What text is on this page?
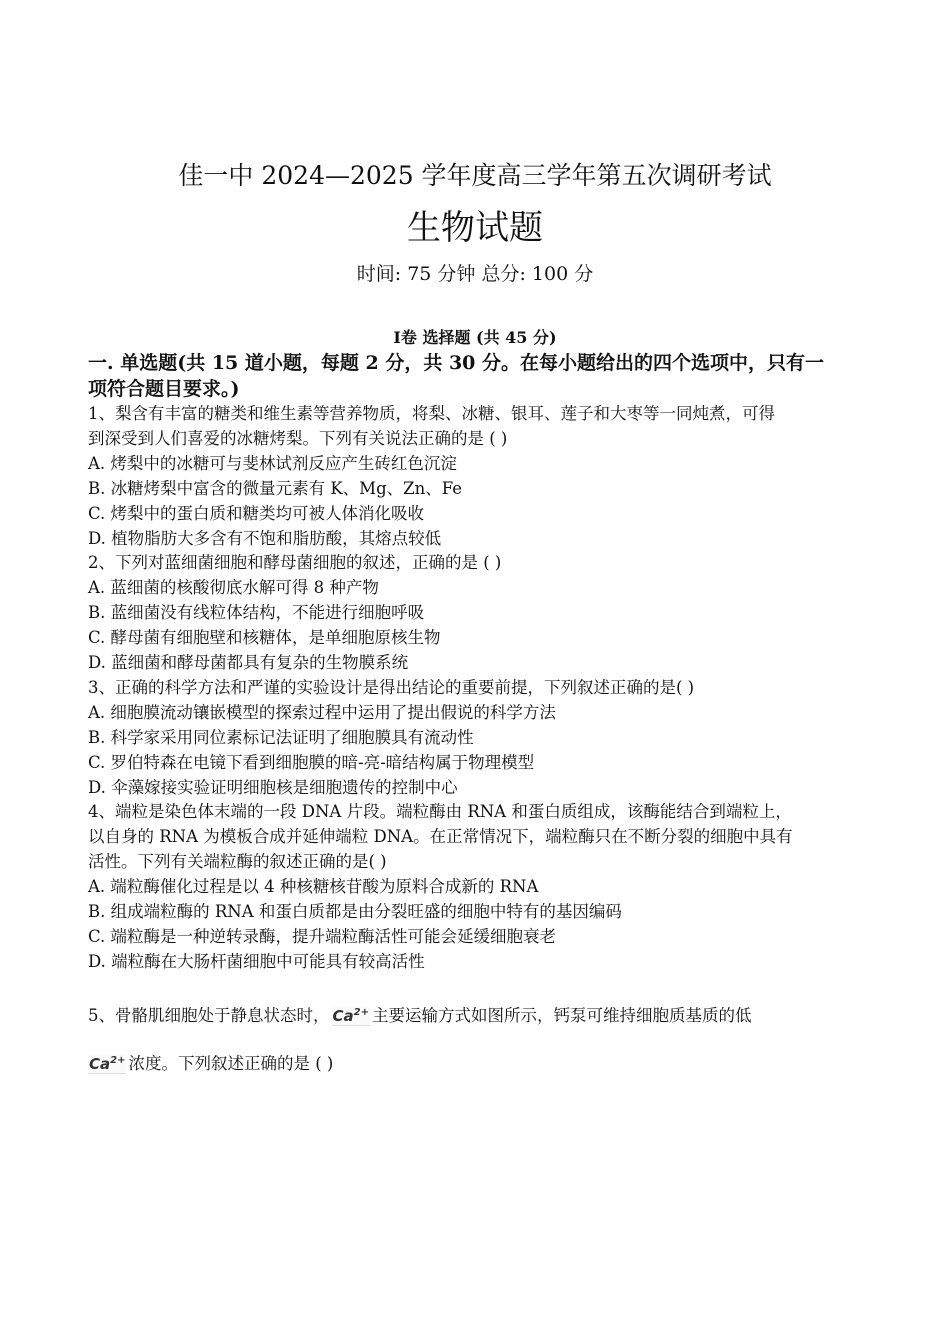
佳一中 2024—2025 学年度高三学年第五次调研考试
生物试题
时间: 75 分钟 总分: 100 分
Ⅰ卷 选择题 (共 45 分)
一. 单选题(共 15 道小题，每题 2 分，共 30 分。在每小题给出的四个选项中，只有一
项符合题目要求。)
1、梨含有丰富的糖类和维生素等营养物质，将梨、冰糖、银耳、莲子和大枣等一同炖煮，可得
到深受到人们喜爱的冰糖烤梨。下列有关说法正确的是 ( )
A. 烤梨中的冰糖可与斐林试剂反应产生砖红色沉淀
B. 冰糖烤梨中富含的微量元素有 K、Mg、Zn、Fe
C. 烤梨中的蛋白质和糖类均可被人体消化吸收
D. 植物脂肪大多含有不饱和脂肪酸，其熔点较低
2、下列对蓝细菌细胞和酵母菌细胞的叙述，正确的是 ( )
A. 蓝细菌的核酸彻底水解可得 8 种产物
B. 蓝细菌没有线粒体结构，不能进行细胞呼吸
C. 酵母菌有细胞壁和核糖体，是单细胞原核生物
D. 蓝细菌和酵母菌都具有复杂的生物膜系统
3、正确的科学方法和严谨的实验设计是得出结论的重要前提，下列叙述正确的是( )
A. 细胞膜流动镶嵌模型的探索过程中运用了提出假说的科学方法
B. 科学家采用同位素标记法证明了细胞膜具有流动性
C. 罗伯特森在电镜下看到细胞膜的暗-亮-暗结构属于物理模型
D. 伞藻嫁接实验证明细胞核是细胞遗传的控制中心
4、端粒是染色体末端的一段 DNA 片段。端粒酶由 RNA 和蛋白质组成，该酶能结合到端粒上，
以自身的 RNA 为模板合成并延伸端粒 DNA。在正常情况下，端粒酶只在不断分裂的细胞中具有
活性。下列有关端粒酶的叙述正确的是( )
A. 端粒酶催化过程是以 4 种核糖核苷酸为原料合成新的 RNA
B. 组成端粒酶的 RNA 和蛋白质都是由分裂旺盛的细胞中特有的基因编码
C. 端粒酶是一种逆转录酶，提升端粒酶活性可能会延缓细胞衰老
D. 端粒酶在大肠杆菌细胞中可能具有较高活性
5、骨骼肌细胞处于静息状态时， $Ca^{2+}$ 主要运输方式如图所示，钙泵可维持细胞质基质的低
$Ca^{2+}$ 浓度。下列叙述正确的是 ( )
